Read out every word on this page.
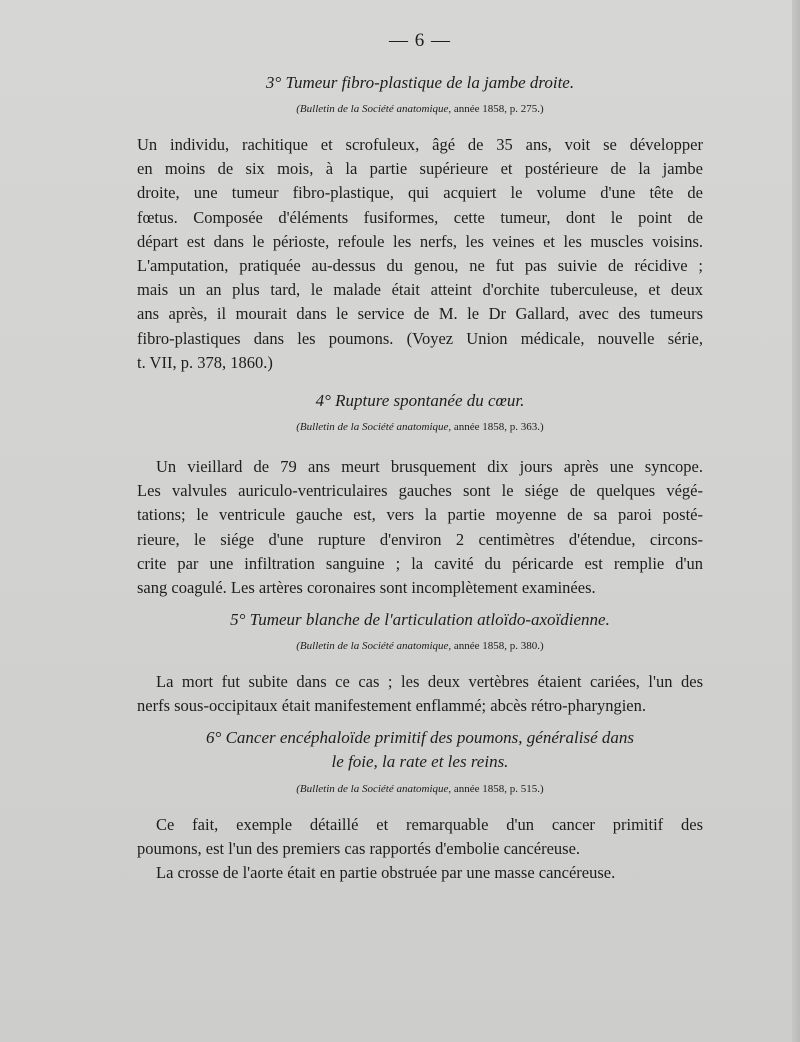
— 6 —
3° Tumeur fibro-plastique de la jambe droite.
(Bulletin de la Société anatomique, année 1858, p. 275.)
Un individu, rachitique et scrofuleux, âgé de 35 ans, voit se développer
en moins de six mois, à la partie supérieure et postérieure de la jambe
droite, une tumeur fibro-plastique, qui acquiert le volume d'une tête de
fœtus. Composée d'éléments fusiformes, cette tumeur, dont le point de
départ est dans le périoste, refoule les nerfs, les veines et les muscles voisins.
L'amputation, pratiquée au-dessus du genou, ne fut pas suivie de récidive ;
mais un an plus tard, le malade était atteint d'orchite tuberculeuse, et deux
ans après, il mourait dans le service de M. le Dr Gallard, avec des tumeurs
fibro-plastiques dans les poumons. (Voyez Union médicale, nouvelle série,
t. VII, p. 378, 1860.)
4° Rupture spontanée du cœur.
(Bulletin de la Société anatomique, année 1858, p. 363.)
Un vieillard de 79 ans meurt brusquement dix jours après une syncope.
Les valvules auriculo-ventriculaires gauches sont le siége de quelques végé-
tations; le ventricule gauche est, vers la partie moyenne de sa paroi posté-
rieure, le siége d'une rupture d'environ 2 centimètres d'étendue, circons-
crite par une infiltration sanguine ; la cavité du péricarde est remplie d'un
sang coagulé. Les artères coronaires sont incomplètement examinées.
5° Tumeur blanche de l'articulation atloïdo-axoïdienne.
(Bulletin de la Société anatomique, année 1858, p. 380.)
La mort fut subite dans ce cas ; les deux vertèbres étaient cariées, l'un des
nerfs sous-occipitaux était manifestement enflammé; abcès rétro-pharyngien.
6° Cancer encéphaloïde primitif des poumons, généralisé dans
le foie, la rate et les reins.
(Bulletin de la Société anatomique, année 1858, p. 515.)
Ce fait, exemple détaillé et remarquable d'un cancer primitif des
poumons, est l'un des premiers cas rapportés d'embolie cancéreuse.
La crosse de l'aorte était en partie obstruée par une masse cancéreuse.
